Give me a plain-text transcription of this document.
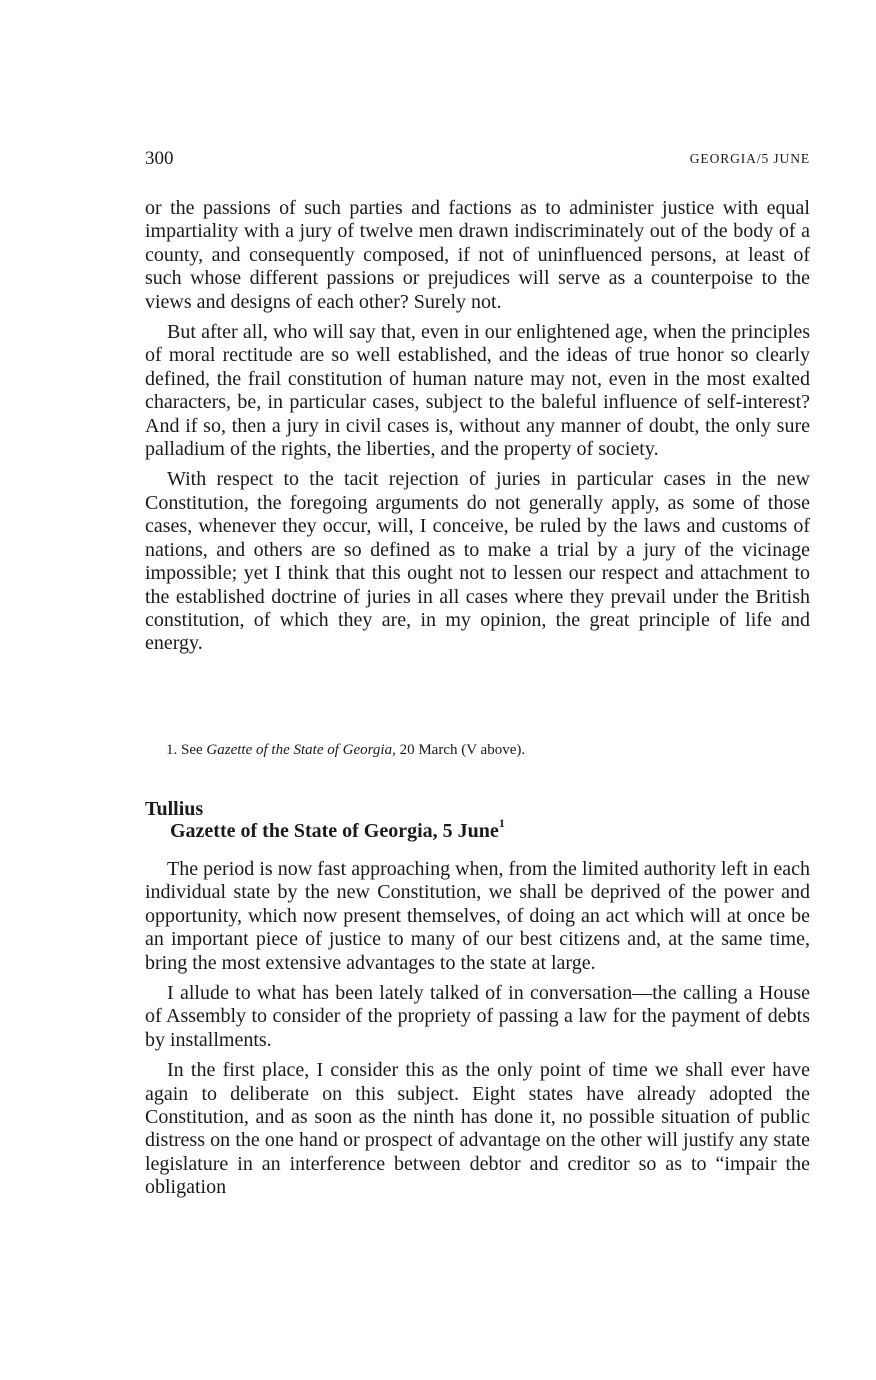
300	GEORGIA/5 JUNE

or the passions of such parties and factions as to administer justice with equal impartiality with a jury of twelve men drawn indiscriminately out of the body of a county, and consequently composed, if not of uninfluenced persons, at least of such whose different passions or prejudices will serve as a counterpoise to the views and designs of each other? Surely not.

But after all, who will say that, even in our enlightened age, when the principles of moral rectitude are so well established, and the ideas of true honor so clearly defined, the frail constitution of human nature may not, even in the most exalted characters, be, in particular cases, subject to the baleful influence of self-interest? And if so, then a jury in civil cases is, without any manner of doubt, the only sure palladium of the rights, the liberties, and the property of society.

With respect to the tacit rejection of juries in particular cases in the new Constitution, the foregoing arguments do not generally apply, as some of those cases, whenever they occur, will, I conceive, be ruled by the laws and customs of nations, and others are so defined as to make a trial by a jury of the vicinage impossible; yet I think that this ought not to lessen our respect and attachment to the established doctrine of juries in all cases where they prevail under the British constitution, of which they are, in my opinion, the great principle of life and energy.

1. See Gazette of the State of Georgia, 20 March (V above).
Tullius
Gazette of the State of Georgia, 5 June$^1$

The period is now fast approaching when, from the limited authority left in each individual state by the new Constitution, we shall be deprived of the power and opportunity, which now present themselves, of doing an act which will at once be an important piece of justice to many of our best citizens and, at the same time, bring the most extensive advantages to the state at large.

I allude to what has been lately talked of in conversation—the calling a House of Assembly to consider of the propriety of passing a law for the payment of debts by installments.

In the first place, I consider this as the only point of time we shall ever have again to deliberate on this subject. Eight states have already adopted the Constitution, and as soon as the ninth has done it, no possible situation of public distress on the one hand or prospect of advantage on the other will justify any state legislature in an interference between debtor and creditor so as to “impair the obligation
